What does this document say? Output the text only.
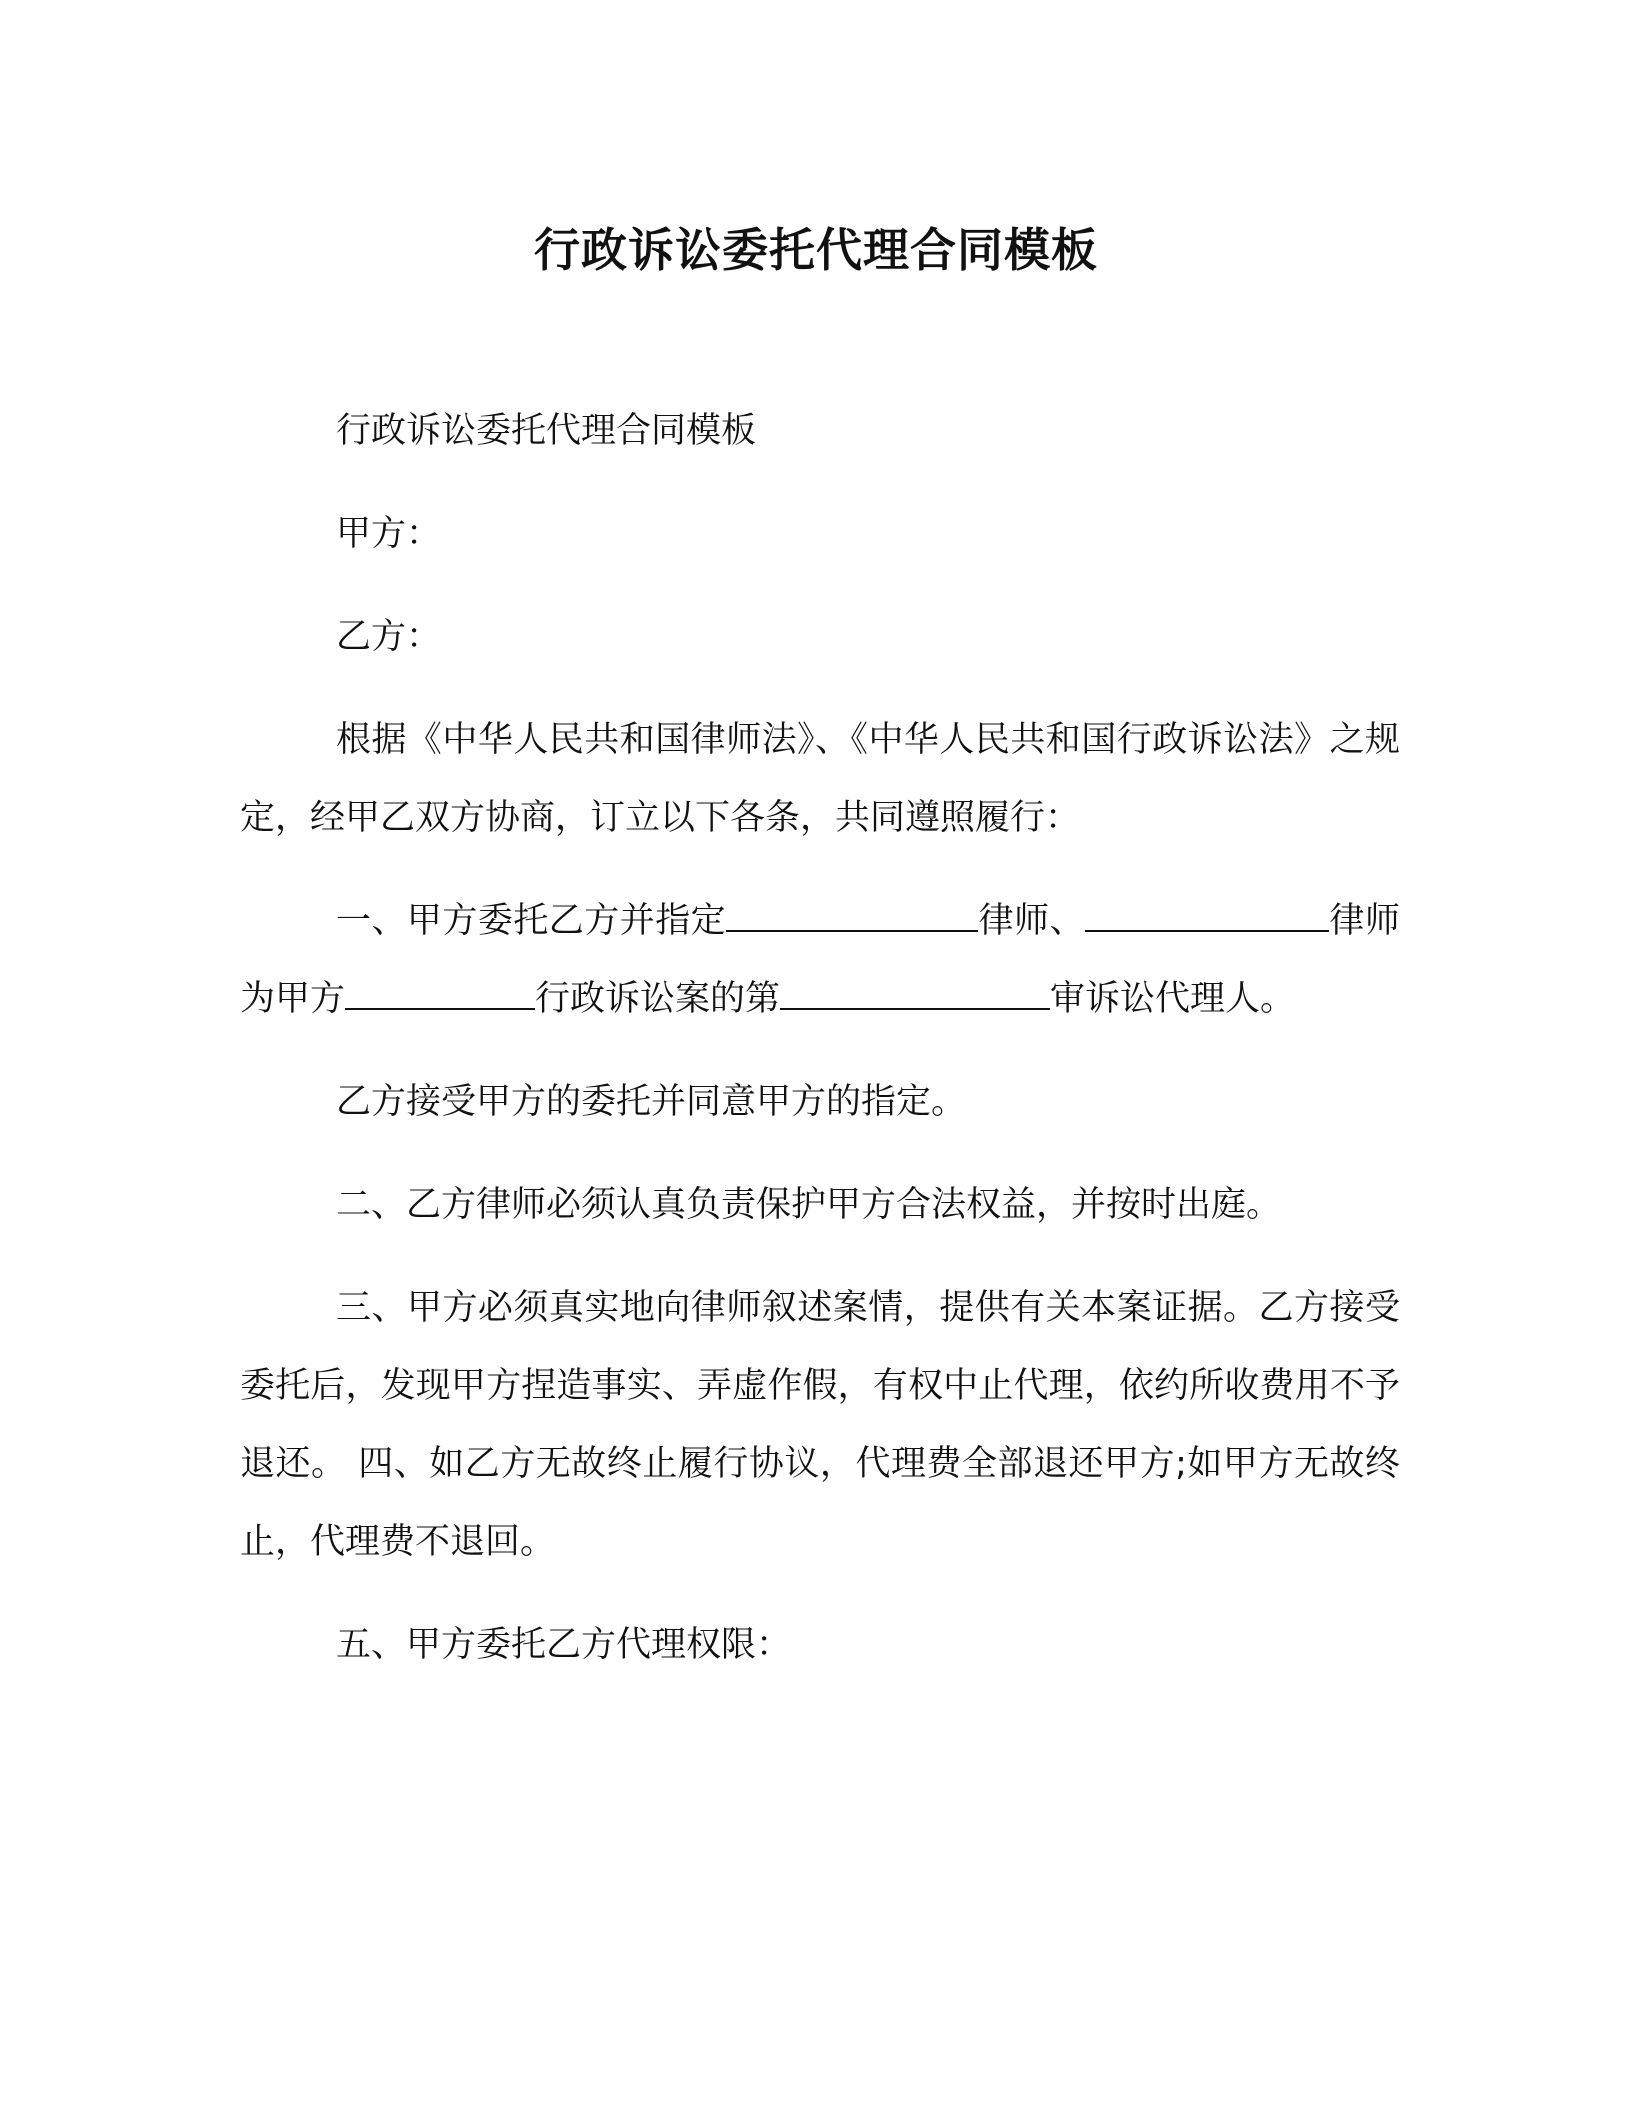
行政诉讼委托代理合同模板

行政诉讼委托代理合同模板

甲方：

乙方：

根据《中华人民共和国律师法》、《中华人民共和国行政诉讼法》之规定，经甲乙双方协商，订立以下各条，共同遵照履行：

一、甲方委托乙方并指定	律师、	律师为甲方	行政诉讼案的第	审诉讼代理人。

乙方接受甲方的委托并同意甲方的指定。

二、乙方律师必须认真负责保护甲方合法权益，并按时出庭。

三、甲方必须真实地向律师叙述案情，提供有关本案证据。乙方接受委托后，发现甲方捏造事实、弄虚作假，有权中止代理，依约所收费用不予退还。 四、如乙方无故终止履行协议，代理费全部退还甲方;如甲方无故终止，代理费不退回。

五、甲方委托乙方代理权限：
